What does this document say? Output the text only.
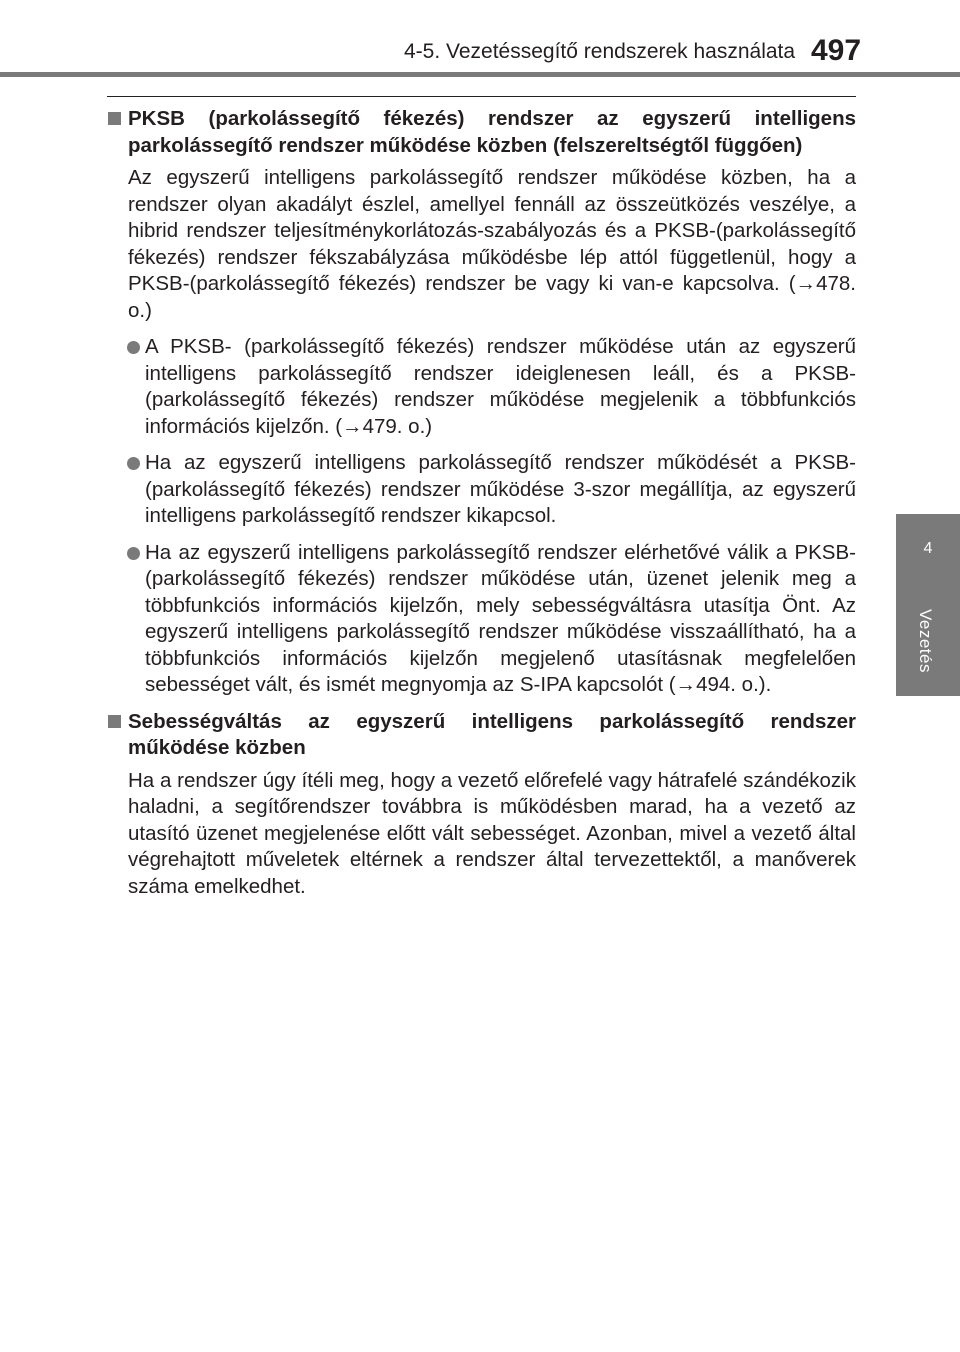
4-5. Vezetéssegítő rendszerek használata 497
4
Vezetés
PKSB (parkolássegítő fékezés) rendszer az egyszerű intelligens parkolássegítő rendszer működése közben (felszereltségtől függően)
Az egyszerű intelligens parkolássegítő rendszer működése közben, ha a rendszer olyan akadályt észlel, amellyel fennáll az összeütközés veszélye, a hibrid rendszer teljesítménykorlátozás-szabályozás és a PKSB-(parkolássegítő fékezés) rendszer fékszabályzása működésbe lép attól függetlenül, hogy a PKSB-(parkolássegítő fékezés) rendszer be vagy ki van-e kapcsolva. (→478. o.)
A PKSB- (parkolássegítő fékezés) rendszer működése után az egyszerű intelligens parkolássegítő rendszer ideiglenesen leáll, és a PKSB- (parkolássegítő fékezés) rendszer működése megjelenik a többfunkciós információs kijelzőn. (→479. o.)
Ha az egyszerű intelligens parkolássegítő rendszer működését a PKSB- (parkolássegítő fékezés) rendszer működése 3-szor megállítja, az egyszerű intelligens parkolássegítő rendszer kikapcsol.
Ha az egyszerű intelligens parkolássegítő rendszer elérhetővé válik a PKSB- (parkolássegítő fékezés) rendszer működése után, üzenet jelenik meg a többfunkciós információs kijelzőn, mely sebességváltásra utasítja Önt. Az egyszerű intelligens parkolássegítő rendszer működése visszaállítható, ha a többfunkciós információs kijelzőn megjelenő utasításnak megfelelően sebességet vált, és ismét megnyomja az S-IPA kapcsolót (→494. o.).
Sebességváltás az egyszerű intelligens parkolássegítő rendszer működése közben
Ha a rendszer úgy ítéli meg, hogy a vezető előrefelé vagy hátrafelé szándékozik haladni, a segítőrendszer továbbra is működésben marad, ha a vezető az utasító üzenet megjelenése előtt vált sebességet. Azonban, mivel a vezető által végrehajtott műveletek eltérnek a rendszer által tervezettektől, a manőverek száma emelkedhet.
